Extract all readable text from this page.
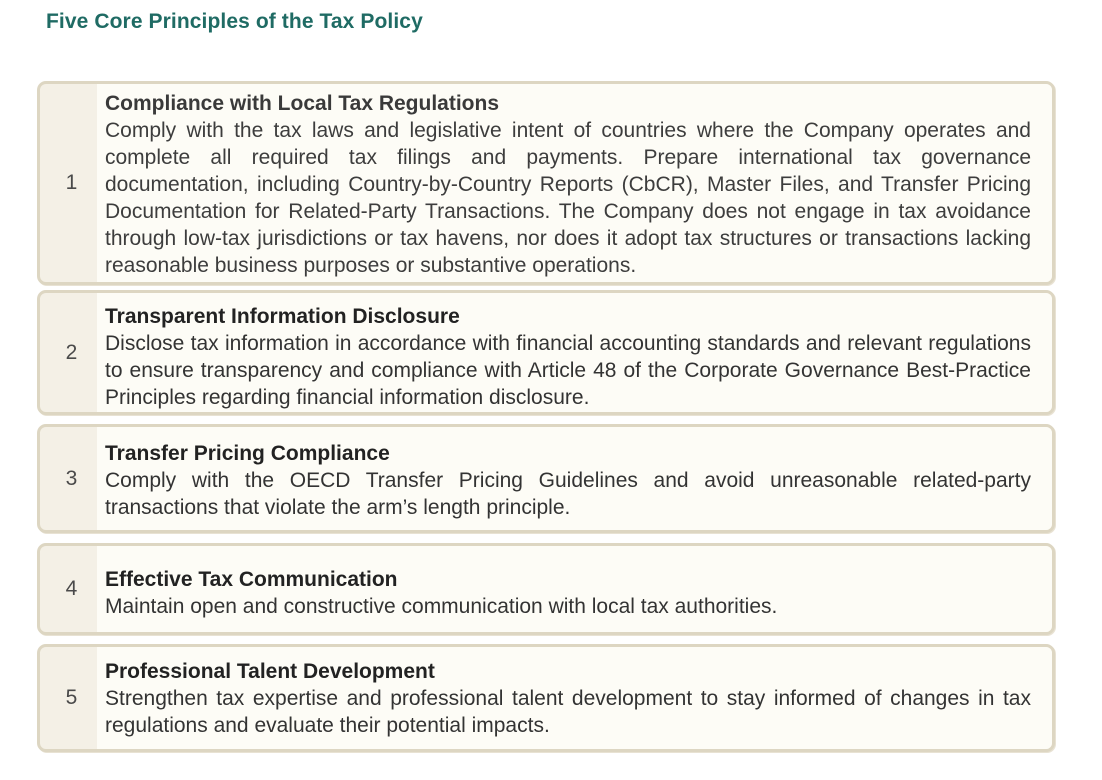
Five Core Principles of the Tax Policy
1
Compliance with Local Tax Regulations

Comply with the tax laws and legislative intent of countries where the Company operates and complete all required tax filings and payments. Prepare international tax governance documentation, including Country-by-Country Reports (CbCR), Master Files, and Transfer Pricing Documentation for Related-Party Transactions. The Company does not engage in tax avoidance through low-tax jurisdictions or tax havens, nor does it adopt tax structures or transactions lacking reasonable business purposes or substantive operations.

2
Transparent Information Disclosure

Disclose tax information in accordance with financial accounting standards and relevant regulations to ensure transparency and compliance with Article 48 of the Corporate Governance Best-Practice Principles regarding financial information disclosure.

3
Transfer Pricing Compliance

Comply with the OECD Transfer Pricing Guidelines and avoid unreasonable related-party transactions that violate the arm’s length principle.

4	Effective Tax Communication

Maintain open and constructive communication with local tax authorities.

5
Professional Talent Development

Strengthen tax expertise and professional talent development to stay informed of changes in tax regulations and evaluate their potential impacts.
